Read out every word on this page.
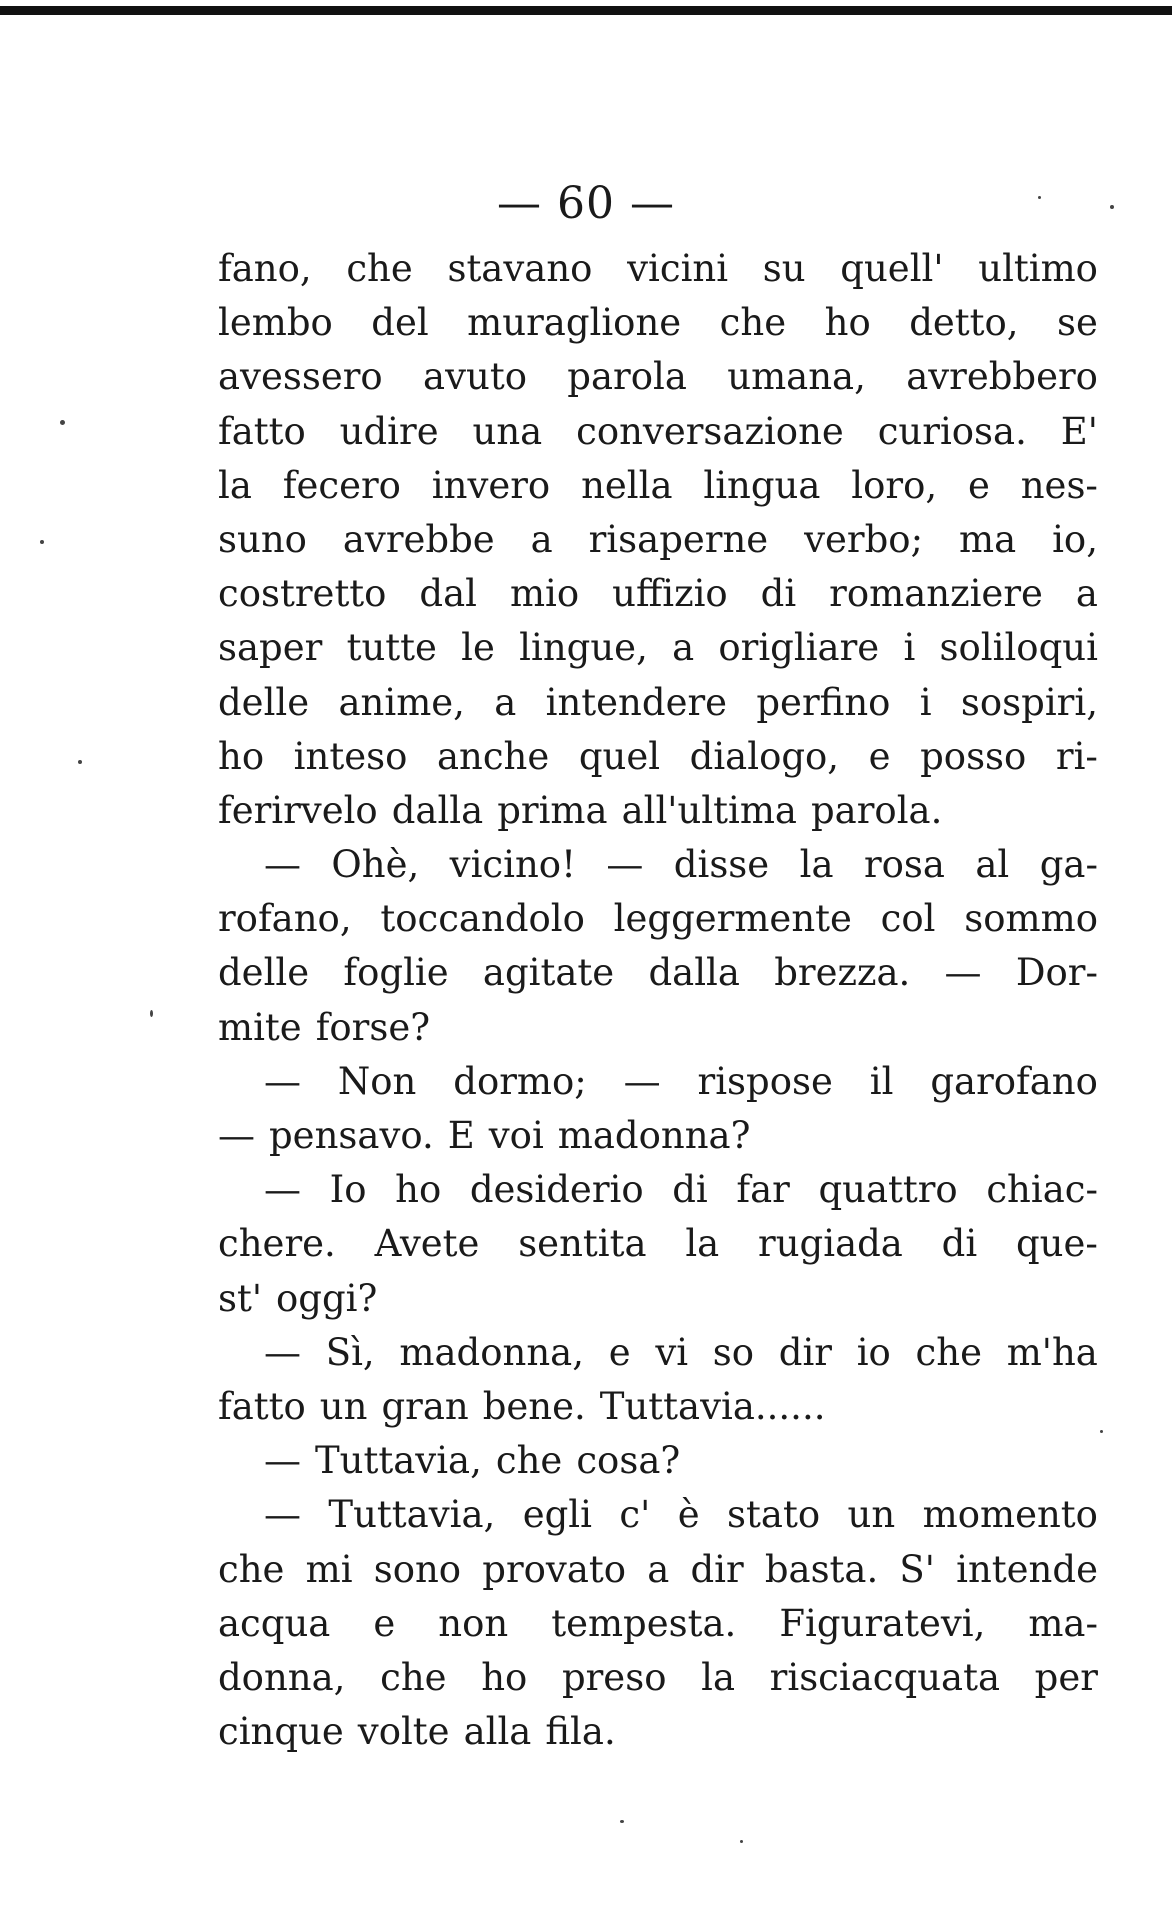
— 60 —
fano, che stavano vicini su quell' ultimo
lembo del muraglione che ho detto, se
avessero avuto parola umana, avrebbero
fatto udire una conversazione curiosa. E'
la fecero invero nella lingua loro, e nes-
suno avrebbe a risaperne verbo; ma io,
costretto dal mio uffizio di romanziere a
saper tutte le lingue, a origliare i soliloqui
delle anime, a intendere perfino i sospiri,
ho inteso anche quel dialogo, e posso ri-
ferirvelo dalla prima all'ultima parola.
— Ohè, vicino! — disse la rosa al ga-
rofano, toccandolo leggermente col sommo
delle foglie agitate dalla brezza. — Dor-
mite forse?
— Non dormo; — rispose il garofano
— pensavo. E voi madonna?
— Io ho desiderio di far quattro chiac-
chere. Avete sentita la rugiada di que-
st' oggi?
— Sì, madonna, e vi so dir io che m'ha
fatto un gran bene. Tuttavia......
— Tuttavia, che cosa?
— Tuttavia, egli c' è stato un momento
che mi sono provato a dir basta. S' intende
acqua e non tempesta. Figuratevi, ma-
donna, che ho preso la risciacquata per
cinque volte alla fila.
